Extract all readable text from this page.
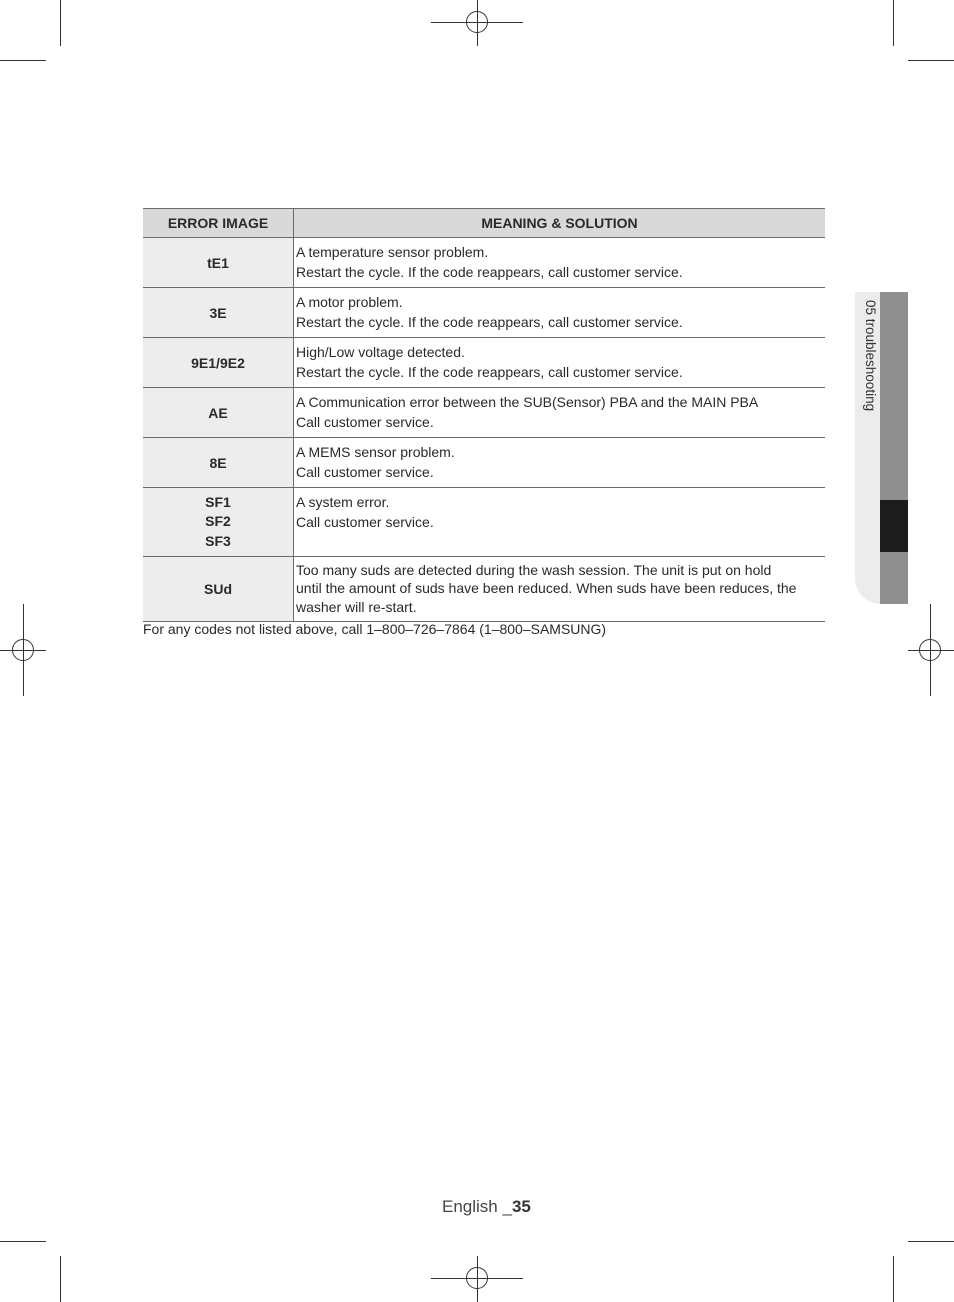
ERROR IMAGE	MEANING & SOLUTION

tE1	A temperature sensor problem.
Restart the cycle. If the code reappears, call customer service.

3E	A motor problem.
Restart the cycle. If the code reappears, call customer service.

9E1/9E2	High/Low voltage detected.
Restart the cycle. If the code reappears, call customer service.

AE	A Communication error between the SUB(Sensor) PBA and the MAIN PBA
Call customer service.

8E	A MEMS sensor problem.
Call customer service.

SF1
SF2
SF3	A system error.
Call customer service.

SUd	Too many suds are detected during the wash session. The unit is put on hold
until the amount of suds have been reduced. When suds have been reduces, the
washer will re-start.
For any codes not listed above, call 1–800–726–7864 (1–800–SAMSUNG)
05 troubleshooting
English _35
